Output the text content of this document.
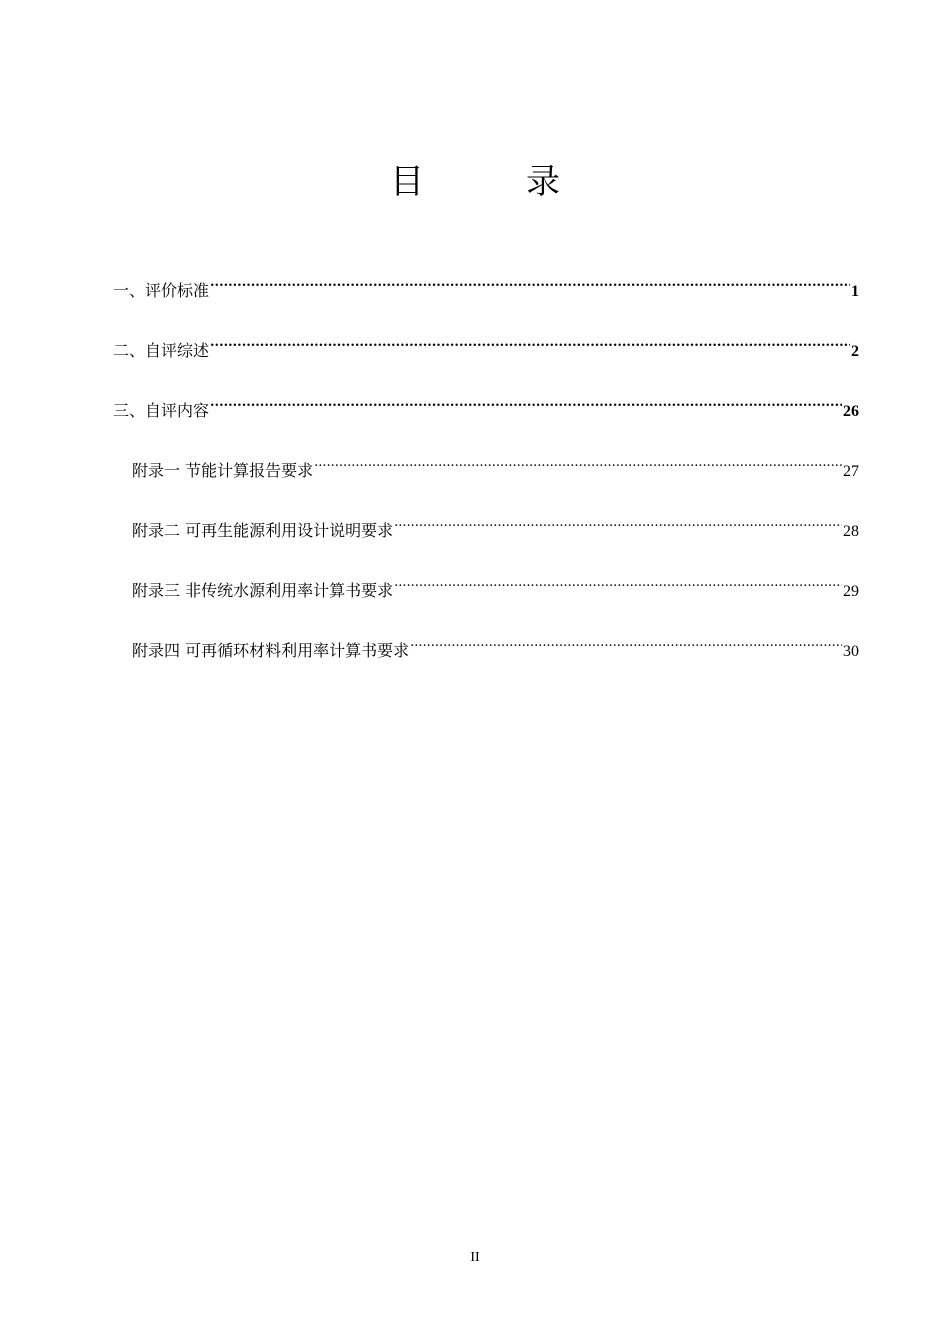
目　录
一、评价标准 .....	1
二、自评综述 .....	2
三、自评内容 .....	26
附录一 节能计算报告要求 .....	27
附录二 可再生能源利用设计说明要求 .....	28
附录三 非传统水源利用率计算书要求 .....	29
附录四 可再循环材料利用率计算书要求 .....	30
II
